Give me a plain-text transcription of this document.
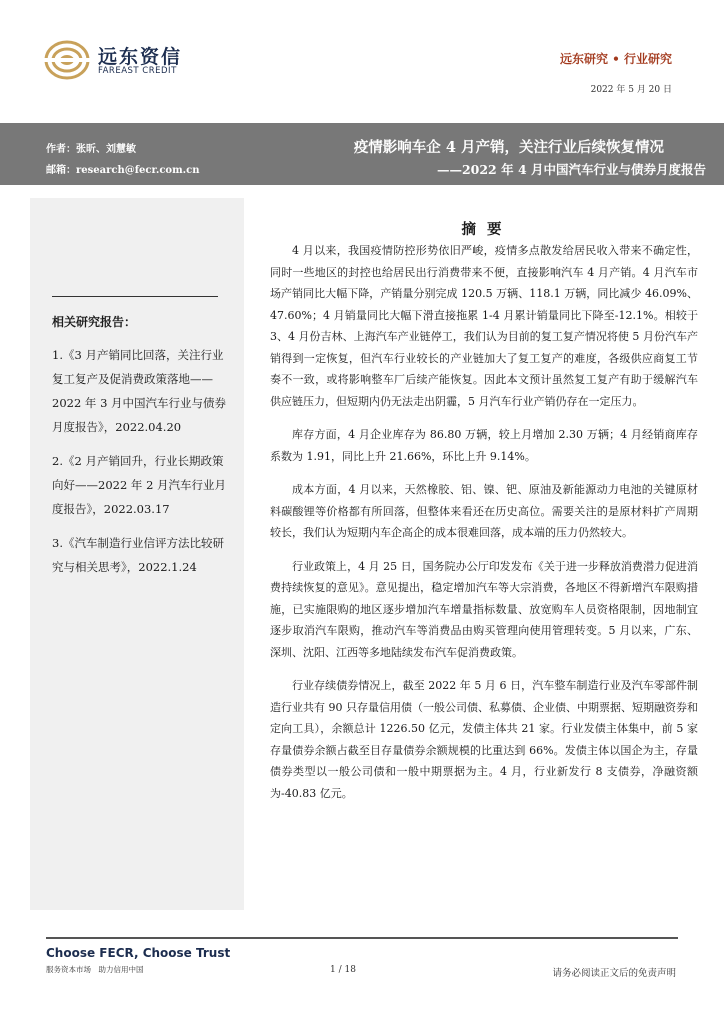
远东资信
FAREAST CREDIT
远东研究 • 行业研究
2022 年 5 月 20 日
作者：张昕、刘慧敏
邮箱：research@fecr.com.cn
疫情影响车企 4 月产销，关注行业后续恢复情况
——2022 年 4 月中国汽车行业与债券月度报告
相关研究报告：
1.《3 月产销同比回落，关注行业复工复产及促消费政策落地——2022 年 3 月中国汽车行业与债券月度报告》，2022.04.20
2.《2 月产销回升，行业长期政策向好——2022 年 2 月汽车行业月度报告》，2022.03.17
3.《汽车制造行业信评方法比较研究与相关思考》，2022.1.24
摘 要

4 月以来，我国疫情防控形势依旧严峻，疫情多点散发给居民收入带来不确定性，同时一些地区的封控也给居民出行消费带来不便，直接影响汽车 4 月产销。4 月汽车市场产销同比大幅下降，产销量分别完成 120.5 万辆、118.1 万辆，同比减少 46.09%、47.60%；4 月销量同比大幅下滑直接拖累 1-4 月累计销量同比下降至-12.1%。相较于 3、4 月份吉林、上海汽车产业链停工，我们认为目前的复工复产情况将使 5 月份汽车产销得到一定恢复，但汽车行业较长的产业链加大了复工复产的难度，各级供应商复工节奏不一致，或将影响整车厂后续产能恢复。因此本文预计虽然复工复产有助于缓解汽车供应链压力，但短期内仍无法走出阴霾，5 月汽车行业产销仍存在一定压力。

库存方面，4 月企业库存为 86.80 万辆，较上月增加 2.30 万辆；4 月经销商库存系数为 1.91，同比上升 21.66%，环比上升 9.14%。

成本方面，4 月以来，天然橡胶、铝、镍、钯、原油及新能源动力电池的关键原材料碳酸锂等价格都有所回落，但整体来看还在历史高位。需要关注的是原材料扩产周期较长，我们认为短期内车企高企的成本很难回落，成本端的压力仍然较大。

行业政策上，4 月 25 日，国务院办公厅印发发布《关于进一步释放消费潜力促进消费持续恢复的意见》。意见提出，稳定增加汽车等大宗消费，各地区不得新增汽车限购措施，已实施限购的地区逐步增加汽车增量指标数量、放宽购车人员资格限制，因地制宜逐步取消汽车限购，推动汽车等消费品由购买管理向使用管理转变。5 月以来，广东、深圳、沈阳、江西等多地陆续发布汽车促消费政策。

行业存续债券情况上，截至 2022 年 5 月 6 日，汽车整车制造行业及汽车零部件制造行业共有 90 只存量信用债（一般公司债、私募债、企业债、中期票据、短期融资券和定向工具），余额总计 1226.50 亿元，发债主体共 21 家。行业发债主体集中，前 5 家存量债券余额占截至目存量债券余额规模的比重达到 66%。发债主体以国企为主，存量债券类型以一般公司债和一般中期票据为主。4 月，行业新发行 8 支债券，净融资额为-40.83 亿元。

Choose FECR, Choose Trust
服务资本市场　助力信用中国	1 / 18	请务必阅读正文后的免责声明
